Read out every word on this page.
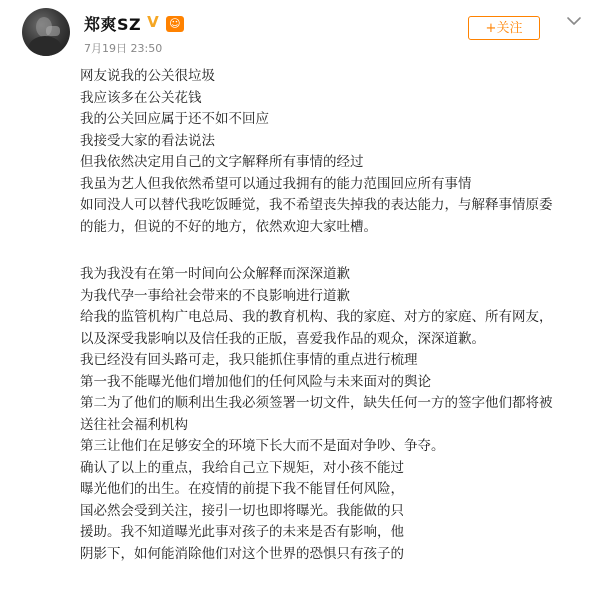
郑爽SZ V ☺
7月19日 23:50
+关注
网友说我的公关很垃圾
我应该多在公关花钱
我的公关回应属于还不如不回应
我接受大家的看法说法
但我依然决定用自己的文字解释所有事情的经过
我虽为艺人但我依然希望可以通过我拥有的能力范围回应所有事情
如同没人可以替代我吃饭睡觉，我不希望丧失掉我的表达能力，与解释事情原委
的能力，但说的不好的地方，依然欢迎大家吐槽。
我为我没有在第一时间向公众解释而深深道歉
为我代孕一事给社会带来的不良影响进行道歉
给我的监管机构广电总局、我的教育机构、我的家庭、对方的家庭、所有网友，
以及深受我影响以及信任我的正版，喜爱我作品的观众，深深道歉。
我已经没有回头路可走，我只能抓住事情的重点进行梳理
第一我不能曝光他们增加他们的任何风险与未来面对的舆论
第二为了他们的顺利出生我必须签署一切文件，缺失任何一方的签字他们都将被
送往社会福利机构
第三让他们在足够安全的环境下长大而不是面对争吵、争夺。
确认了以上的重点，我给自己立下规矩，对小孩不能过
曝光他们的出生。在疫情的前提下我不能冒任何风险，
国必然会受到关注，接引一切也即将曝光。我能做的只
援助。我不知道曝光此事对孩子的未来是否有影响，他
阴影下，如何能消除他们对这个世界的恐惧只有孩子的
